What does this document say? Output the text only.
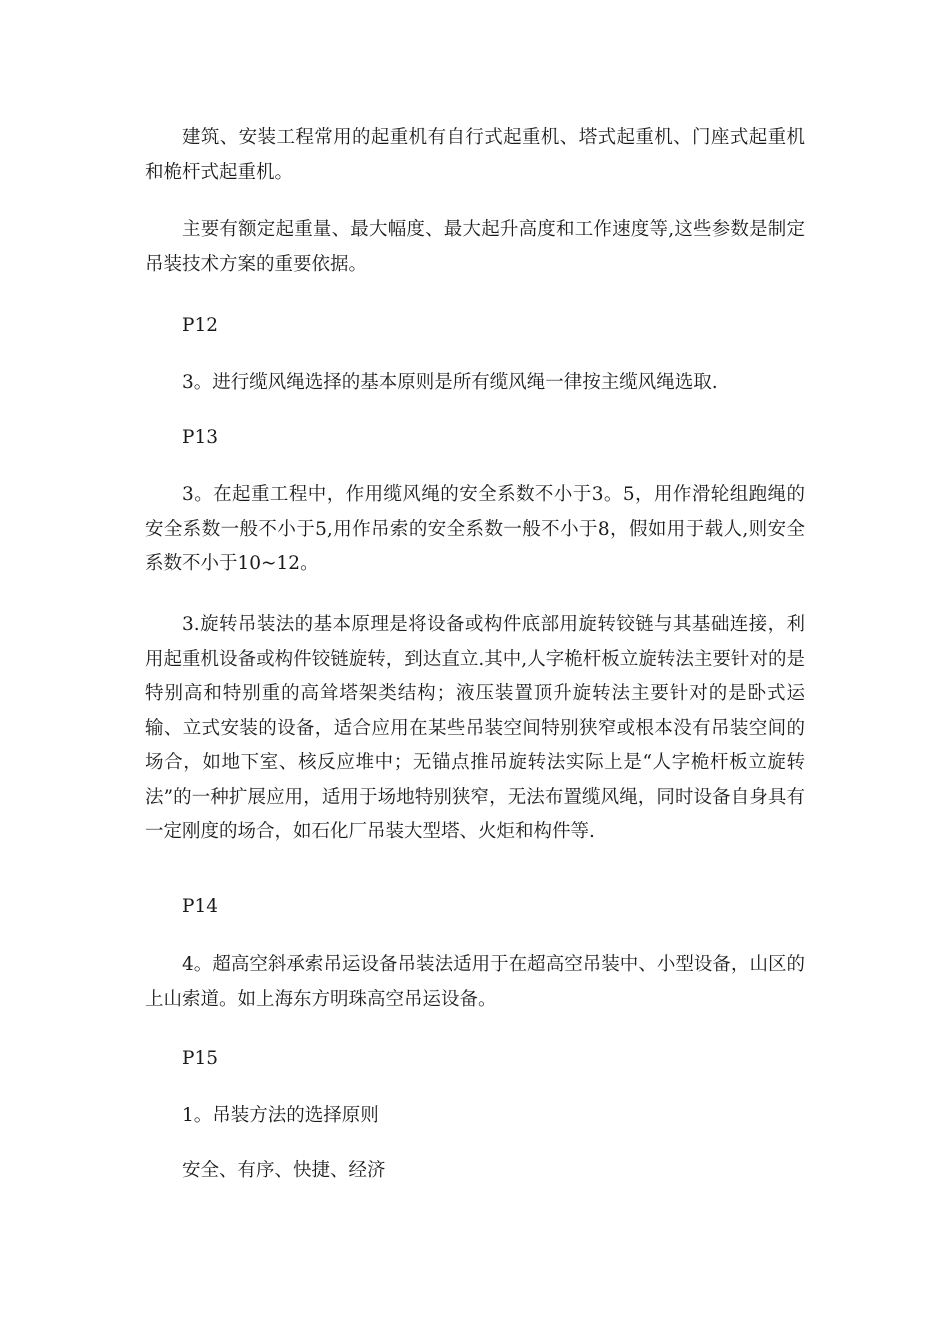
建筑、安装工程常用的起重机有自行式起重机、塔式起重机、门座式起重机和桅杆式起重机。

主要有额定起重量、最大幅度、最大起升高度和工作速度等,这些参数是制定吊装技术方案的重要依据。

P12

3。进行缆风绳选择的基本原则是所有缆风绳一律按主缆风绳选取.

P13

3。在起重工程中，作用缆风绳的安全系数不小于3。5，用作滑轮组跑绳的安全系数一般不小于5,用作吊索的安全系数一般不小于8，假如用于载人,则安全系数不小于10~12。

3.旋转吊装法的基本原理是将设备或构件底部用旋转铰链与其基础连接，利用起重机设备或构件铰链旋转，到达直立.其中,人字桅杆板立旋转法主要针对的是特别高和特别重的高耸塔架类结构；液压装置顶升旋转法主要针对的是卧式运输、立式安装的设备，适合应用在某些吊装空间特别狭窄或根本没有吊装空间的场合，如地下室、核反应堆中；无锚点推吊旋转法实际上是“人字桅杆板立旋转法”的一种扩展应用，适用于场地特别狭窄，无法布置缆风绳，同时设备自身具有一定刚度的场合，如石化厂吊装大型塔、火炬和构件等.

P14

4。超高空斜承索吊运设备吊装法适用于在超高空吊装中、小型设备，山区的上山索道。如上海东方明珠高空吊运设备。

P15

1。吊装方法的选择原则

安全、有序、快捷、经济
